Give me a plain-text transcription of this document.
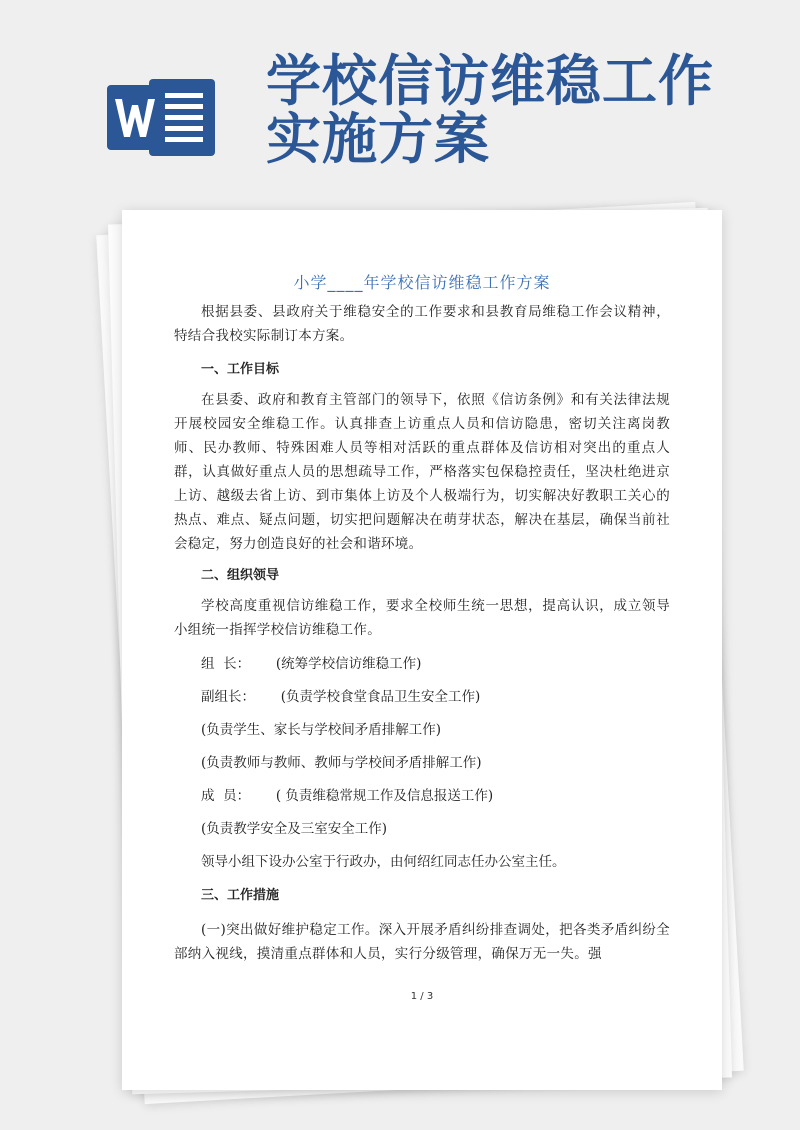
学校信访维稳工作
实施方案
小学____年学校信访维稳工作方案

根据县委、县政府关于维稳安全的工作要求和县教育局维稳工作会议精神，特结合我校实际制订本方案。

一、工作目标

在县委、政府和教育主管部门的领导下，依照《信访条例》和有关法律法规开展校园安全维稳工作。认真排查上访重点人员和信访隐患，密切关注离岗教师、民办教师、特殊困难人员等相对活跃的重点群体及信访相对突出的重点人群，认真做好重点人员的思想疏导工作，严格落实包保稳控责任，坚决杜绝进京上访、越级去省上访、到市集体上访及个人极端行为，切实解决好教职工关心的热点、难点、疑点问题，切实把问题解决在萌芽状态，解决在基层，确保当前社会稳定，努力创造良好的社会和谐环境。

二、组织领导

学校高度重视信访维稳工作，要求全校师生统一思想，提高认识，成立领导小组统一指挥学校信访维稳工作。

组  长：      (统筹学校信访维稳工作)

副组长：      (负责学校食堂食品卫生安全工作)

(负责学生、家长与学校间矛盾排解工作)

(负责教师与教师、教师与学校间矛盾排解工作)

成  员：      ( 负责维稳常规工作及信息报送工作)

(负责教学安全及三室安全工作)

领导小组下设办公室于行政办，由何绍红同志任办公室主任。

三、工作措施

(一)突出做好维护稳定工作。深入开展矛盾纠纷排查调处，把各类矛盾纠纷全部纳入视线，摸清重点群体和人员，实行分级管理，确保万无一失。强

1 / 3
